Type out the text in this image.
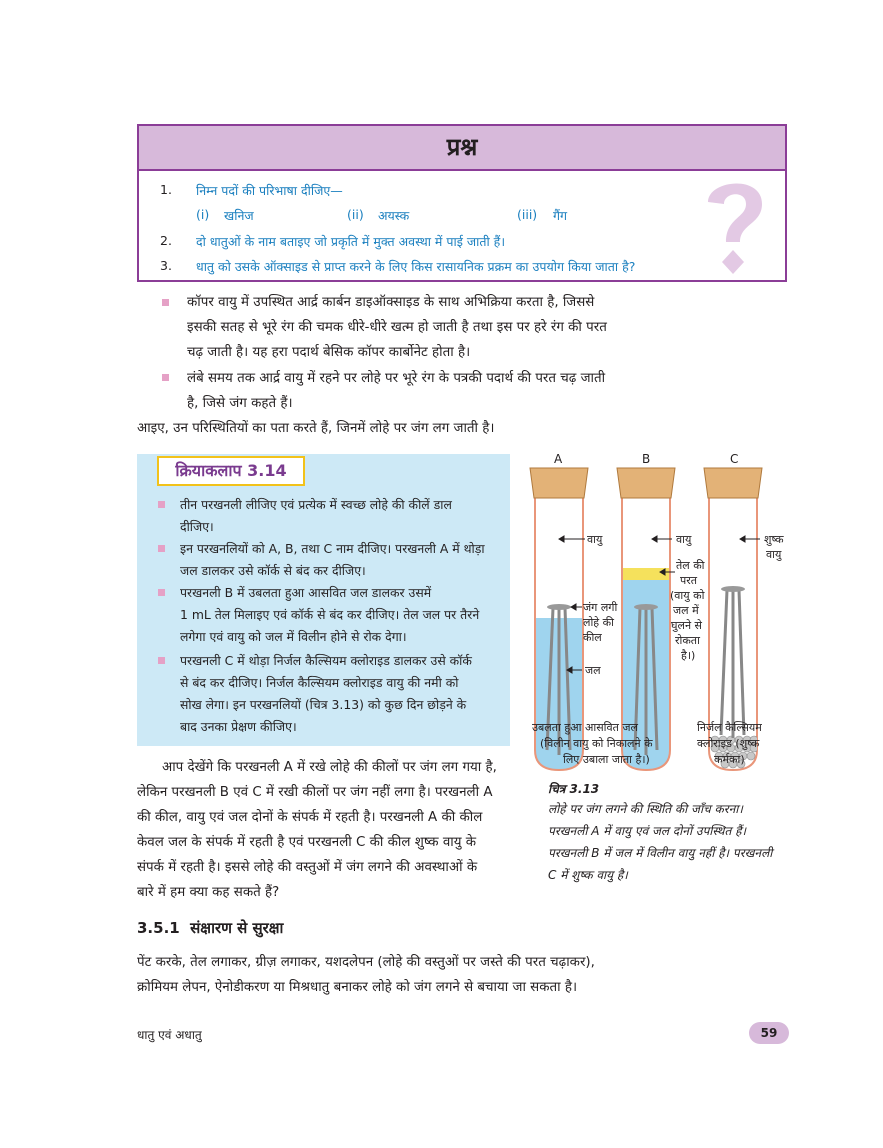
प्रश्न
1. निम्न पदों की परिभाषा दीजिए—
(i) खनिज	(ii) अयस्क	(iii) गैंग
2. दो धातुओं के नाम बताइए जो प्रकृति में मुक्त अवस्था में पाई जाती हैं।
3. धातु को उसके ऑक्साइड से प्राप्त करने के लिए किस रासायनिक प्रक्रम का उपयोग किया जाता है?
कॉपर वायु में उपस्थित आर्द्र कार्बन डाइऑक्साइड के साथ अभिक्रिया करता है, जिससे
इसकी सतह से भूरे रंग की चमक धीरे-धीरे खत्म हो जाती है तथा इस पर हरे रंग की परत
चढ़ जाती है। यह हरा पदार्थ बेसिक कॉपर कार्बोनेट होता है।
लंबे समय तक आर्द्र वायु में रहने पर लोहे पर भूरे रंग के पत्रकी पदार्थ की परत चढ़ जाती
है, जिसे जंग कहते हैं।
आइए, उन परिस्थितियों का पता करते हैं, जिनमें लोहे पर जंग लग जाती है।
क्रियाकलाप 3.14
तीन परखनली लीजिए एवं प्रत्येक में स्वच्छ लोहे की कीलें डाल
दीजिए।
इन परखनलियों को A, B, तथा C नाम दीजिए। परखनली A में थोड़ा
जल डालकर उसे कॉर्क से बंद कर दीजिए।
परखनली B में उबलता हुआ आसवित जल डालकर उसमें
1 mL तेल मिलाइए एवं कॉर्क से बंद कर दीजिए। तेल जल पर तैरने
लगेगा एवं वायु को जल में विलीन होने से रोक देगा।
परखनली C में थोड़ा निर्जल कैल्सियम क्लोराइड डालकर उसे कॉर्क
से बंद कर दीजिए। निर्जल कैल्सियम क्लोराइड वायु की नमी को
सोख लेगा। इन परखनलियों (चित्र 3.13) को कुछ दिन छोड़ने के
बाद उनका प्रेक्षण कीजिए।
A	B	C
वायु
जंग लगी
लोहे की
कील
जल
वायु
तेल की
परत
(वायु को
जल में
घुलने से
रोकता
है।)
शुष्क
वायु
उबलता हुआ आसवित जल
(विलीन वायु को निकालने के
लिए उबाला जाता है।)
निर्जल कैल्सियम
क्लोराइड (शुष्क
कर्मका)
चित्र 3.13
लोहे पर जंग लगने की स्थिति की जाँच करना।
परखनली A में वायु एवं जल दोनों उपस्थित हैं।
परखनली B में जल में विलीन वायु नहीं है। परखनली
C में शुष्क वायु है।
आप देखेंगे कि परखनली A में रखे लोहे की कीलों पर जंग लग गया है,
लेकिन परखनली B एवं C में रखी कीलों पर जंग नहीं लगा है। परखनली A
की कील, वायु एवं जल दोनों के संपर्क में रहती है। परखनली A की कील
केवल जल के संपर्क में रहती है एवं परखनली C की कील शुष्क वायु के
संपर्क में रहती है। इससे लोहे की वस्तुओं में जंग लगने की अवस्थाओं के
बारे में हम क्या कह सकते हैं?
3.5.1 संक्षारण से सुरक्षा
पेंट करके, तेल लगाकर, ग्रीज़ लगाकर, यशदलेपन (लोहे की वस्तुओं पर जस्ते की परत चढ़ाकर),
क्रोमियम लेपन, ऐनोडीकरण या मिश्रधातु बनाकर लोहे को जंग लगने से बचाया जा सकता है।
धातु एवं अधातु	59
